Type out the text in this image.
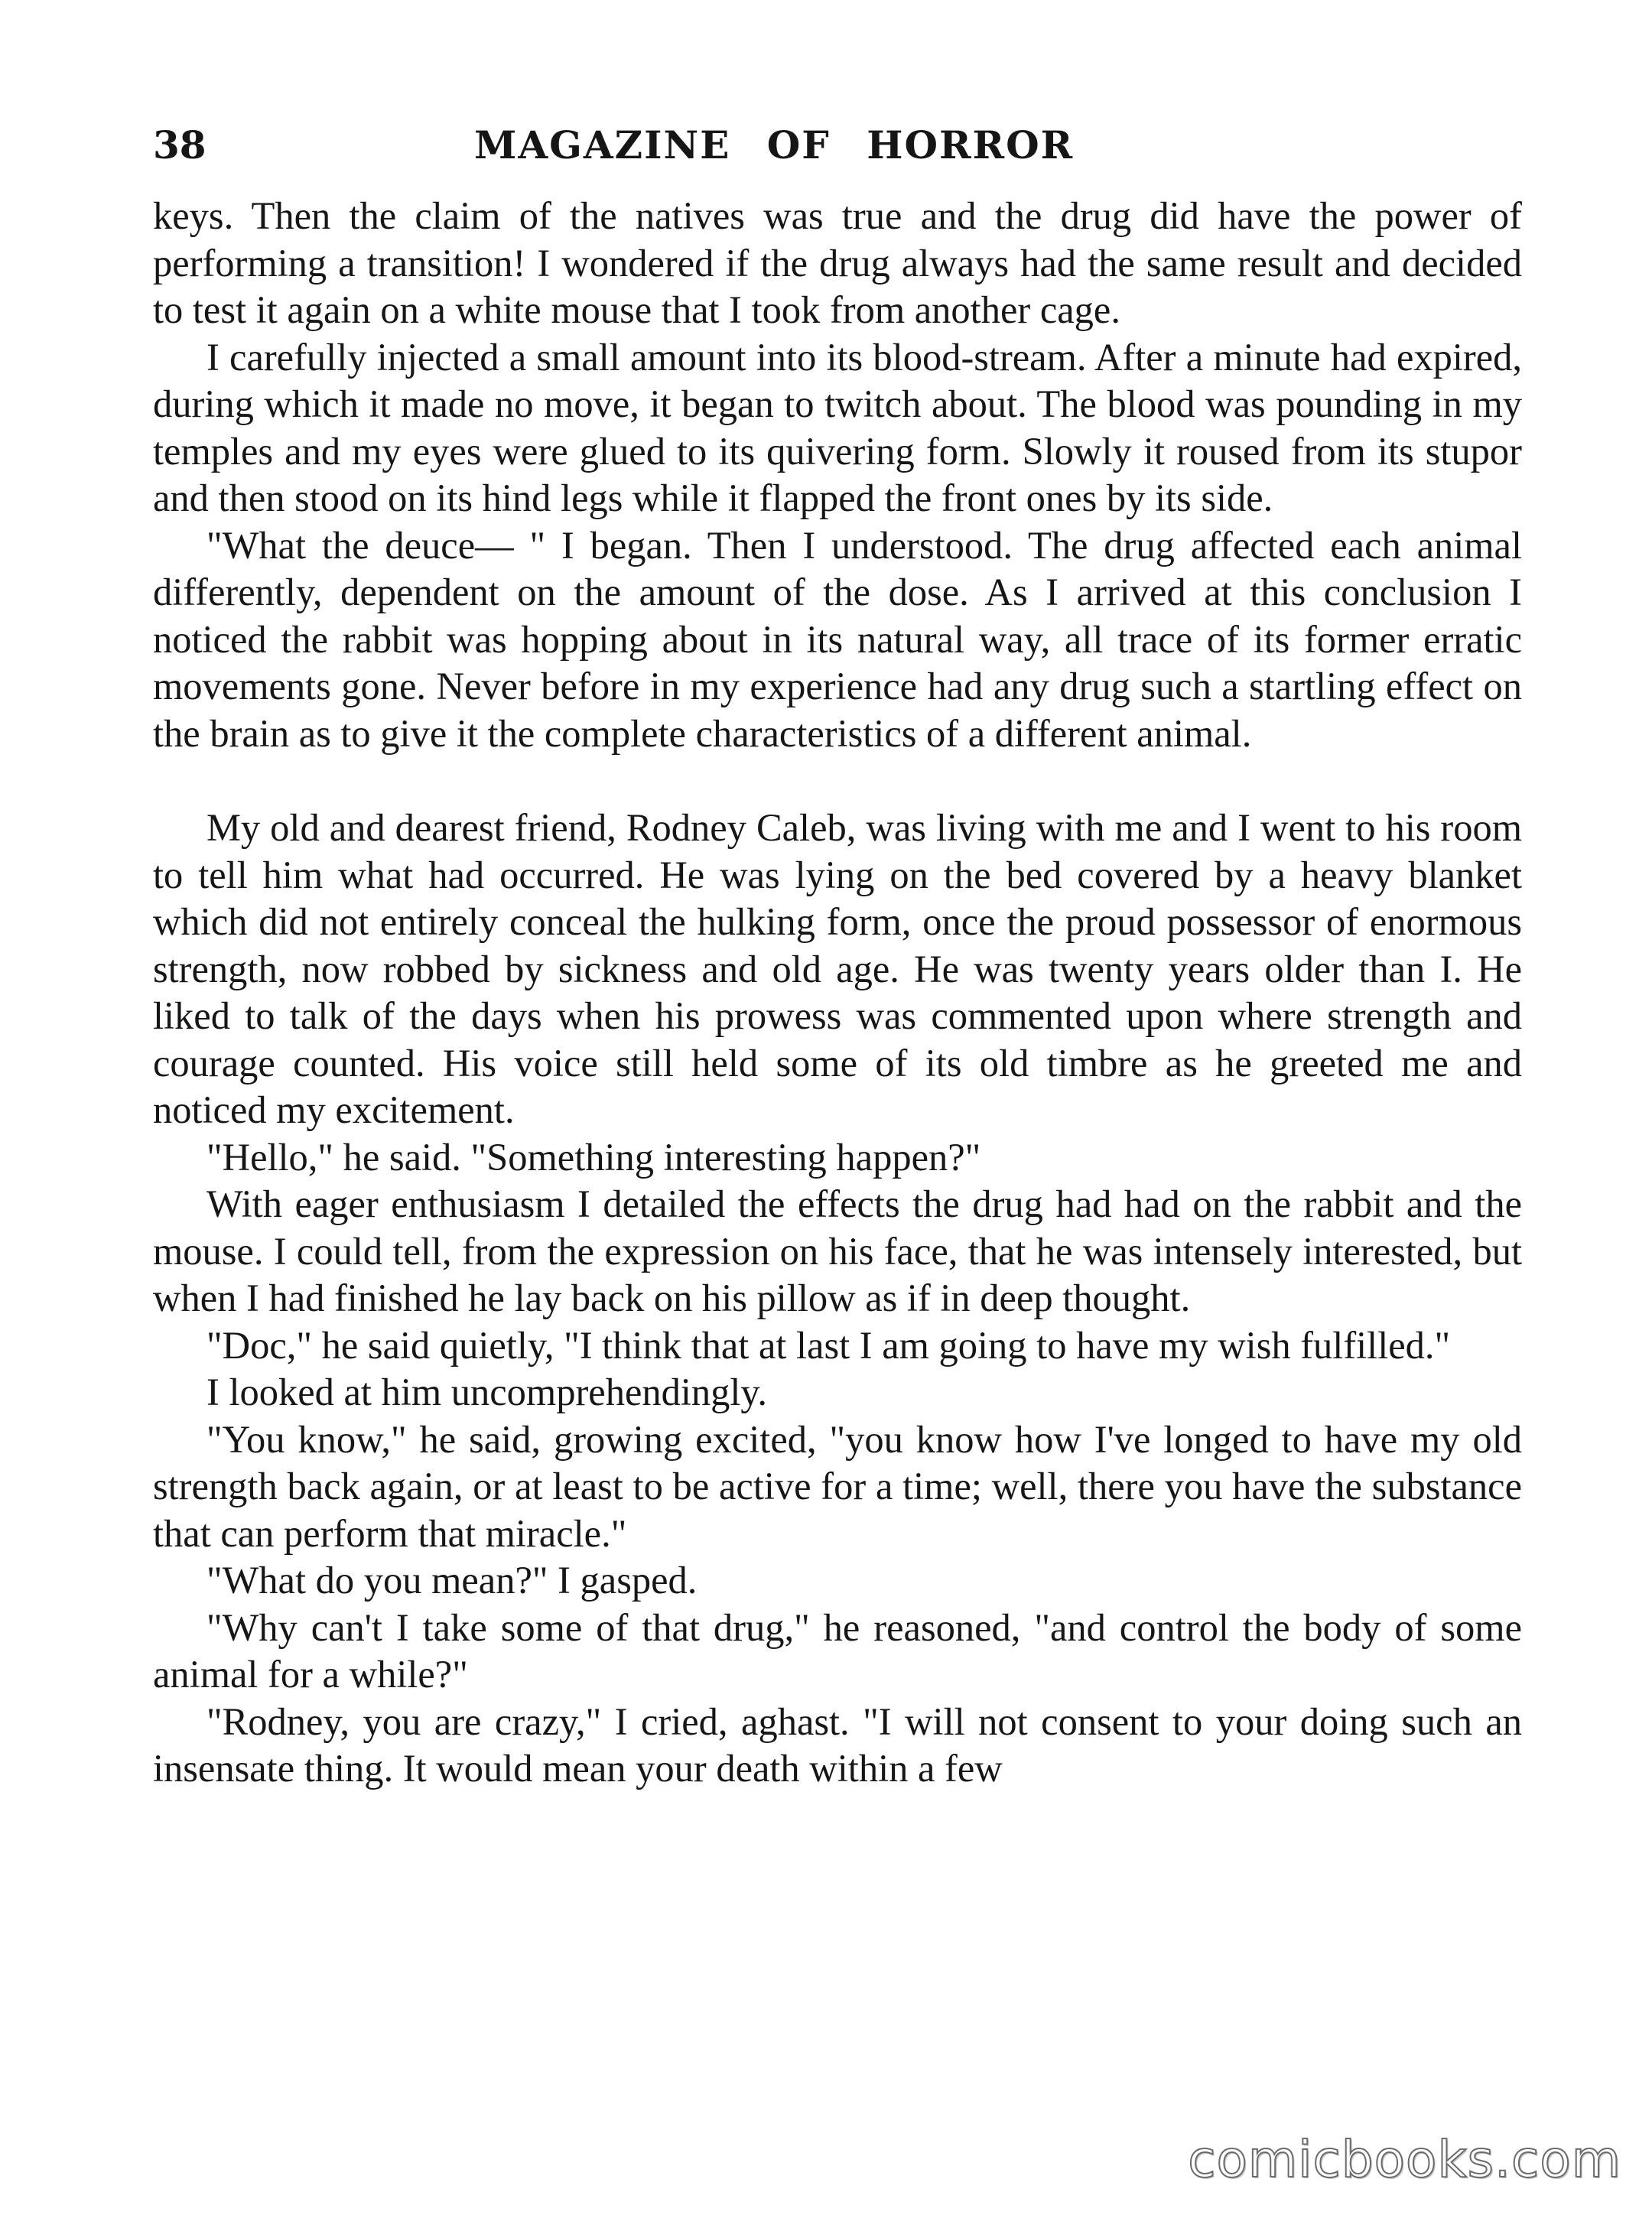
38	MAGAZINE OF HORROR

keys. Then the claim of the natives was true and the drug did have the power of performing a transition! I wondered if the drug always had the same result and decided to test it again on a white mouse that I took from another cage.

I carefully injected a small amount into its blood-stream. After a minute had expired, during which it made no move, it began to twitch about. The blood was pounding in my temples and my eyes were glued to its quivering form. Slowly it roused from its stupor and then stood on its hind legs while it flapped the front ones by its side.

"What the deuce— " I began. Then I understood. The drug affected each animal differently, dependent on the amount of the dose. As I arrived at this conclusion I noticed the rabbit was hopping about in its natural way, all trace of its former erratic movements gone. Never before in my experience had any drug such a startling effect on the brain as to give it the complete characteristics of a different animal.

My old and dearest friend, Rodney Caleb, was living with me and I went to his room to tell him what had occurred. He was lying on the bed covered by a heavy blanket which did not entirely conceal the hulking form, once the proud possessor of enormous strength, now robbed by sickness and old age. He was twenty years older than I. He liked to talk of the days when his prowess was commented upon where strength and courage counted. His voice still held some of its old timbre as he greeted me and noticed my excitement.

"Hello," he said. "Something interesting happen?"

With eager enthusiasm I detailed the effects the drug had had on the rabbit and the mouse. I could tell, from the expression on his face, that he was intensely interested, but when I had finished he lay back on his pillow as if in deep thought.

"Doc," he said quietly, "I think that at last I am going to have my wish fulfilled."

I looked at him uncomprehendingly.

"You know," he said, growing excited, "you know how I've longed to have my old strength back again, or at least to be active for a time; well, there you have the substance that can perform that miracle."

"What do you mean?" I gasped.

"Why can't I take some of that drug," he reasoned, "and control the body of some animal for a while?"

"Rodney, you are crazy," I cried, aghast. "I will not consent to your doing such an insensate thing. It would mean your death within a few

comicbooks.com
